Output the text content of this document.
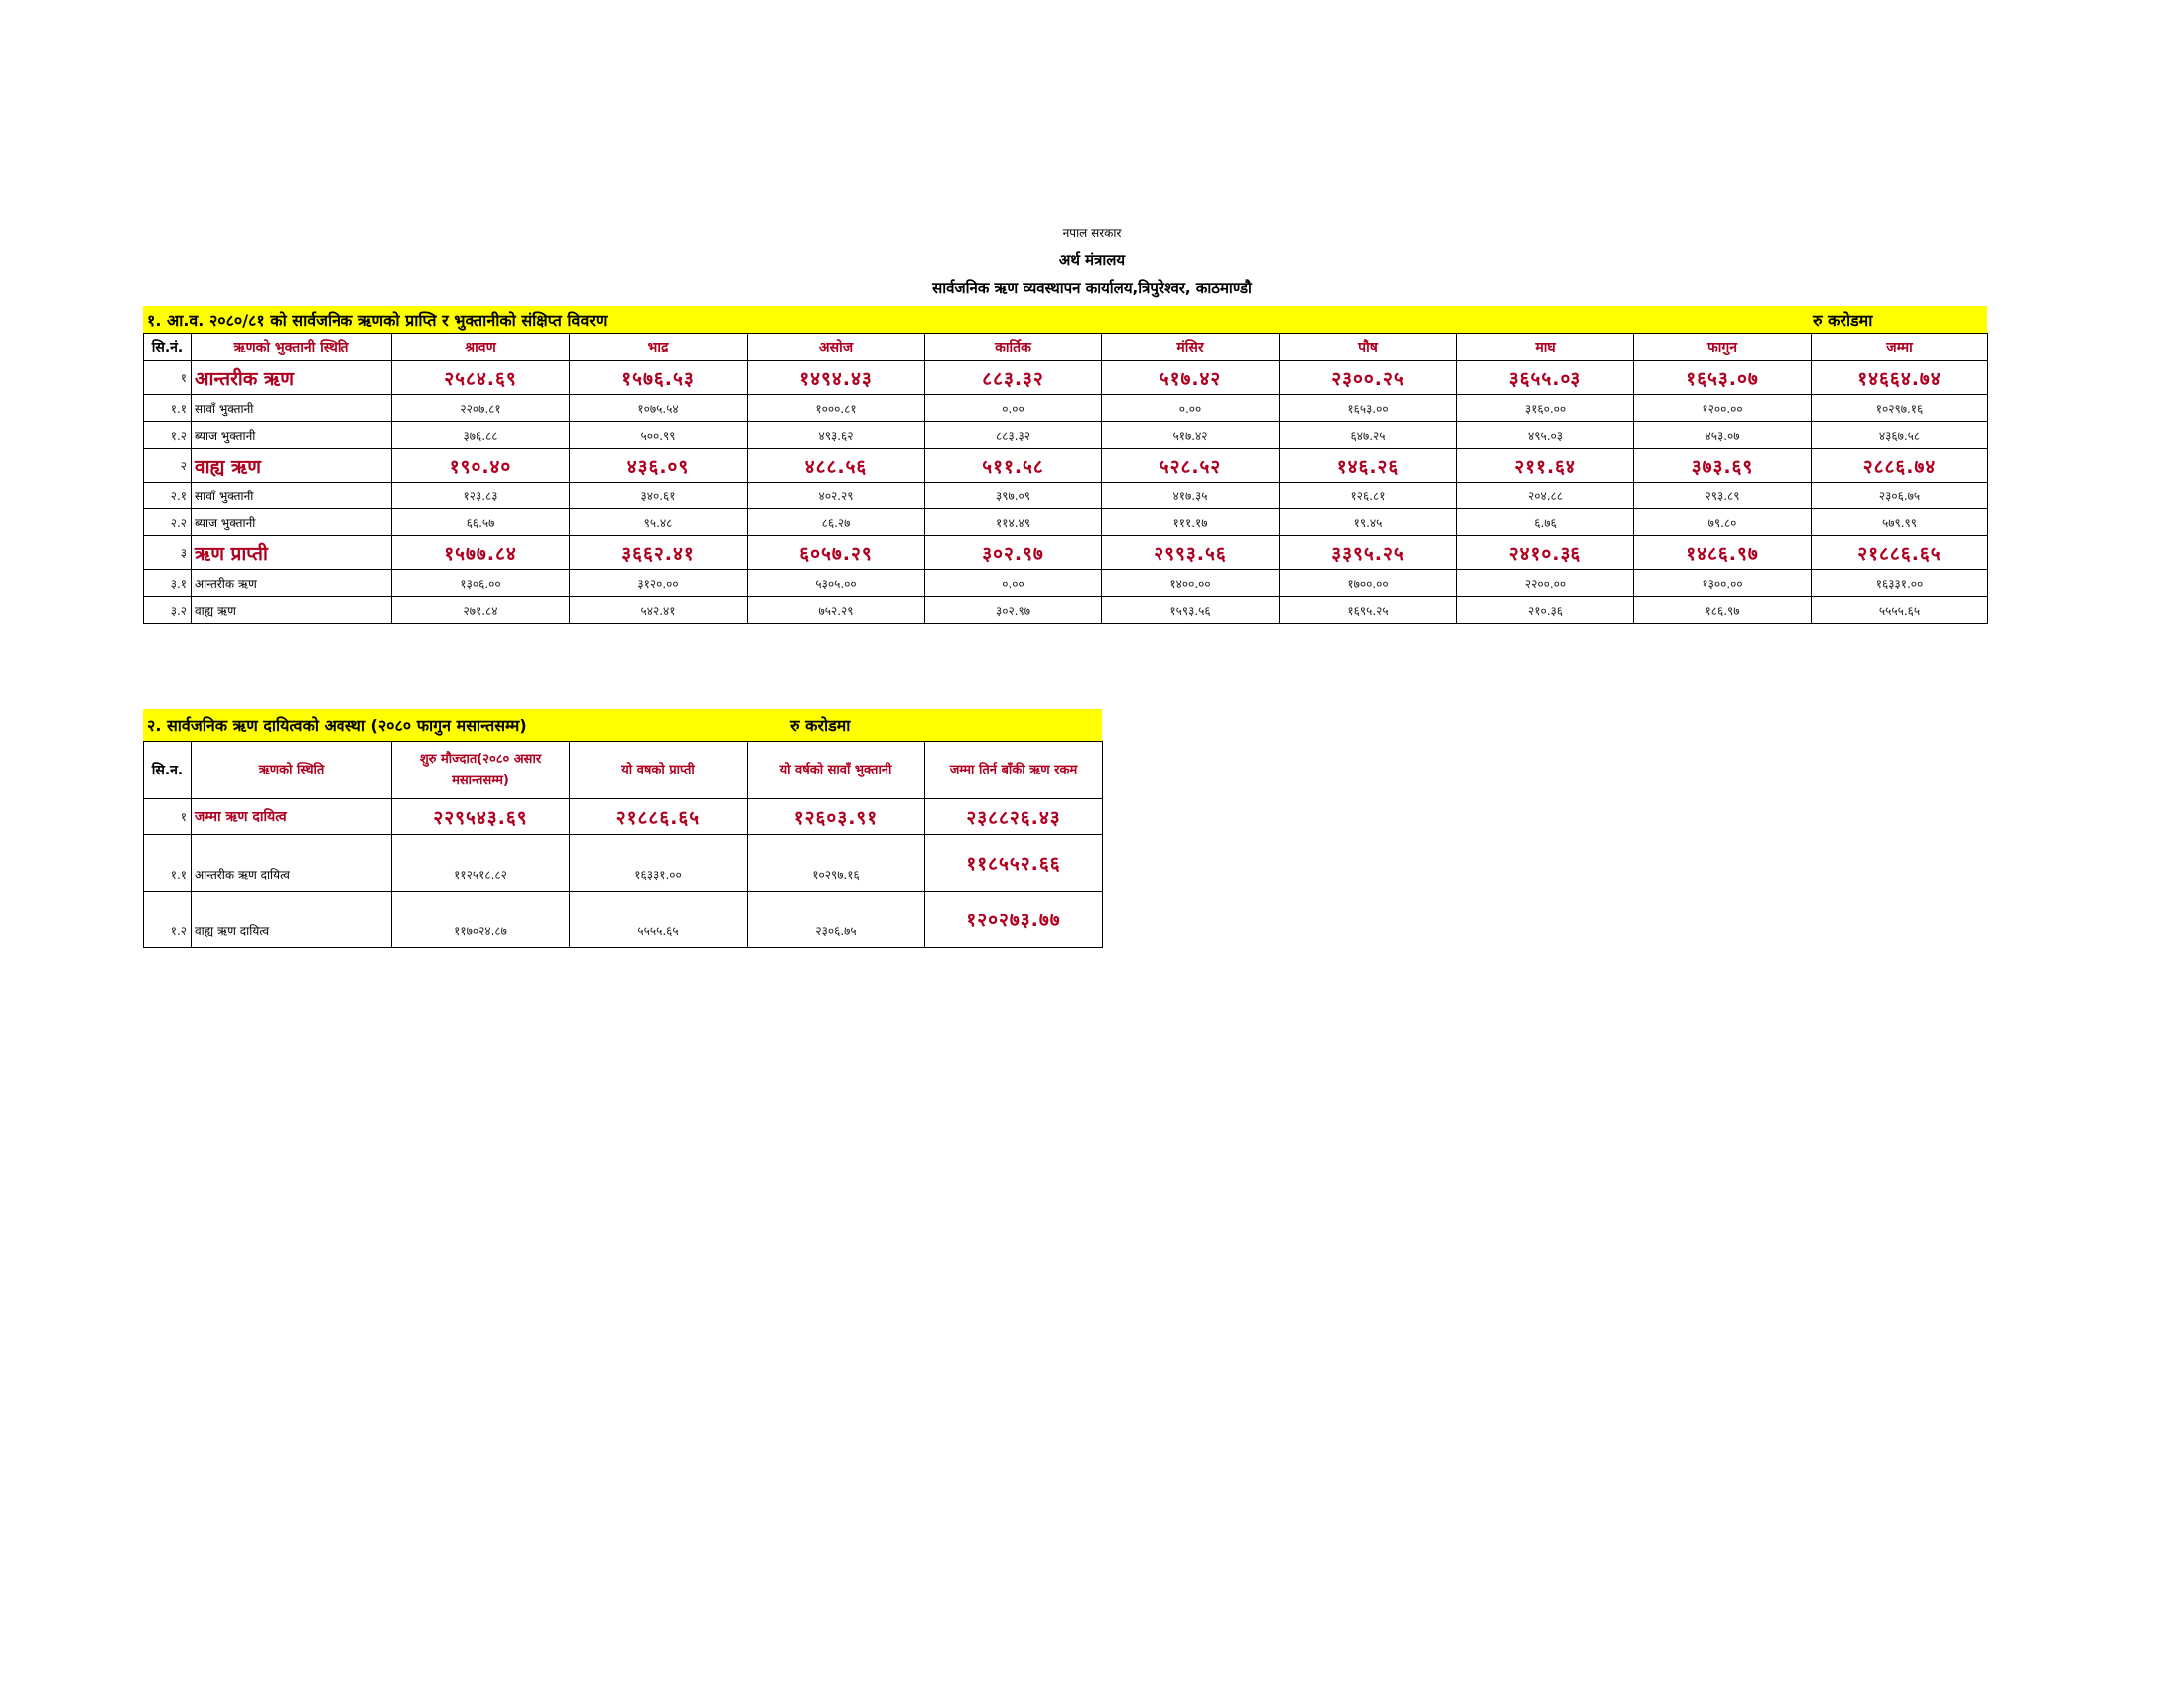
नपाल सरकार
अर्थ मंत्रालय
सार्वजनिक ऋण व्यवस्थापन कार्यालय,त्रिपुरेश्वर, काठमाण्डौ
१. आ.व. २०८०/८१ को सार्वजनिक ऋणको प्राप्ति र भुक्तानीको संक्षिप्त विवरण	रु करोडमा
सि.नं.	ऋणको भुक्तानी स्थिति	श्रावण	भाद्र	असोज	कार्तिक	मंसिर	पौष	माघ	फागुन	जम्मा
१	आन्तरीक ऋण	२५८४.६९	१५७६.५३	१४९४.४३	८८३.३२	५१७.४२	२३००.२५	३६५५.०३	१६५३.०७	१४६६४.७४
१.१	सावाँ भुक्तानी	२२०७.८१	१०७५.५४	१०००.८१	०.००	०.००	१६५३.००	३१६०.००	१२००.००	१०२९७.१६
१.२	ब्याज भुक्तानी	३७६.८८	५००.९९	४९३.६२	८८३.३२	५१७.४२	६४७.२५	४९५.०३	४५३.०७	४३६७.५८
२	वाह्य ऋण	१९०.४०	४३६.०९	४८८.५६	५११.५८	५२८.५२	१४६.२६	२११.६४	३७३.६९	२८८६.७४
२.१	सावाँ भुक्तानी	१२३.८३	३४०.६१	४०२.२९	३९७.०९	४१७.३५	१२६.८१	२०४.८८	२९३.८९	२३०६.७५
२.२	ब्याज भुक्तानी	६६.५७	९५.४८	८६.२७	११४.४९	१११.१७	१९.४५	६.७६	७९.८०	५७९.९९
३	ऋण प्राप्ती	१५७७.८४	३६६२.४१	६०५७.२९	३०२.९७	२९९३.५६	३३९५.२५	२४१०.३६	१४८६.९७	२१८८६.६५
३.१	आन्तरीक ऋण	१३०६.००	३१२०.००	५३०५.००	०.००	१४००.००	१७००.००	२२००.००	१३००.००	१६३३१.००
३.२	वाह्य ऋण	२७१.८४	५४२.४१	७५२.२९	३०२.९७	१५९३.५६	१६९५.२५	२१०.३६	१८६.९७	५५५५.६५
२. सार्वजनिक ऋण दायित्वको अवस्था (२०८० फागुन मसान्तसम्म)	रु करोडमा
सि.न.	ऋणको स्थिति	शुरु मौज्दात(२०८० असार मसान्तसम्म)	यो वषको प्राप्ती	यो वर्षको सावाँ भुक्तानी	जम्मा तिर्न बाँकी ऋण रकम
१	जम्मा ऋण दायित्व	२२९५४३.६९	२१८८६.६५	१२६०३.९१	२३८८२६.४३
१.१	आन्तरीक ऋण दायित्व	११२५१८.८२	१६३३१.००	१०२९७.१६	११८५५२.६६
१.२	वाह्य ऋण दायित्व	११७०२४.८७	५५५५.६५	२३०६.७५	१२०२७३.७७
